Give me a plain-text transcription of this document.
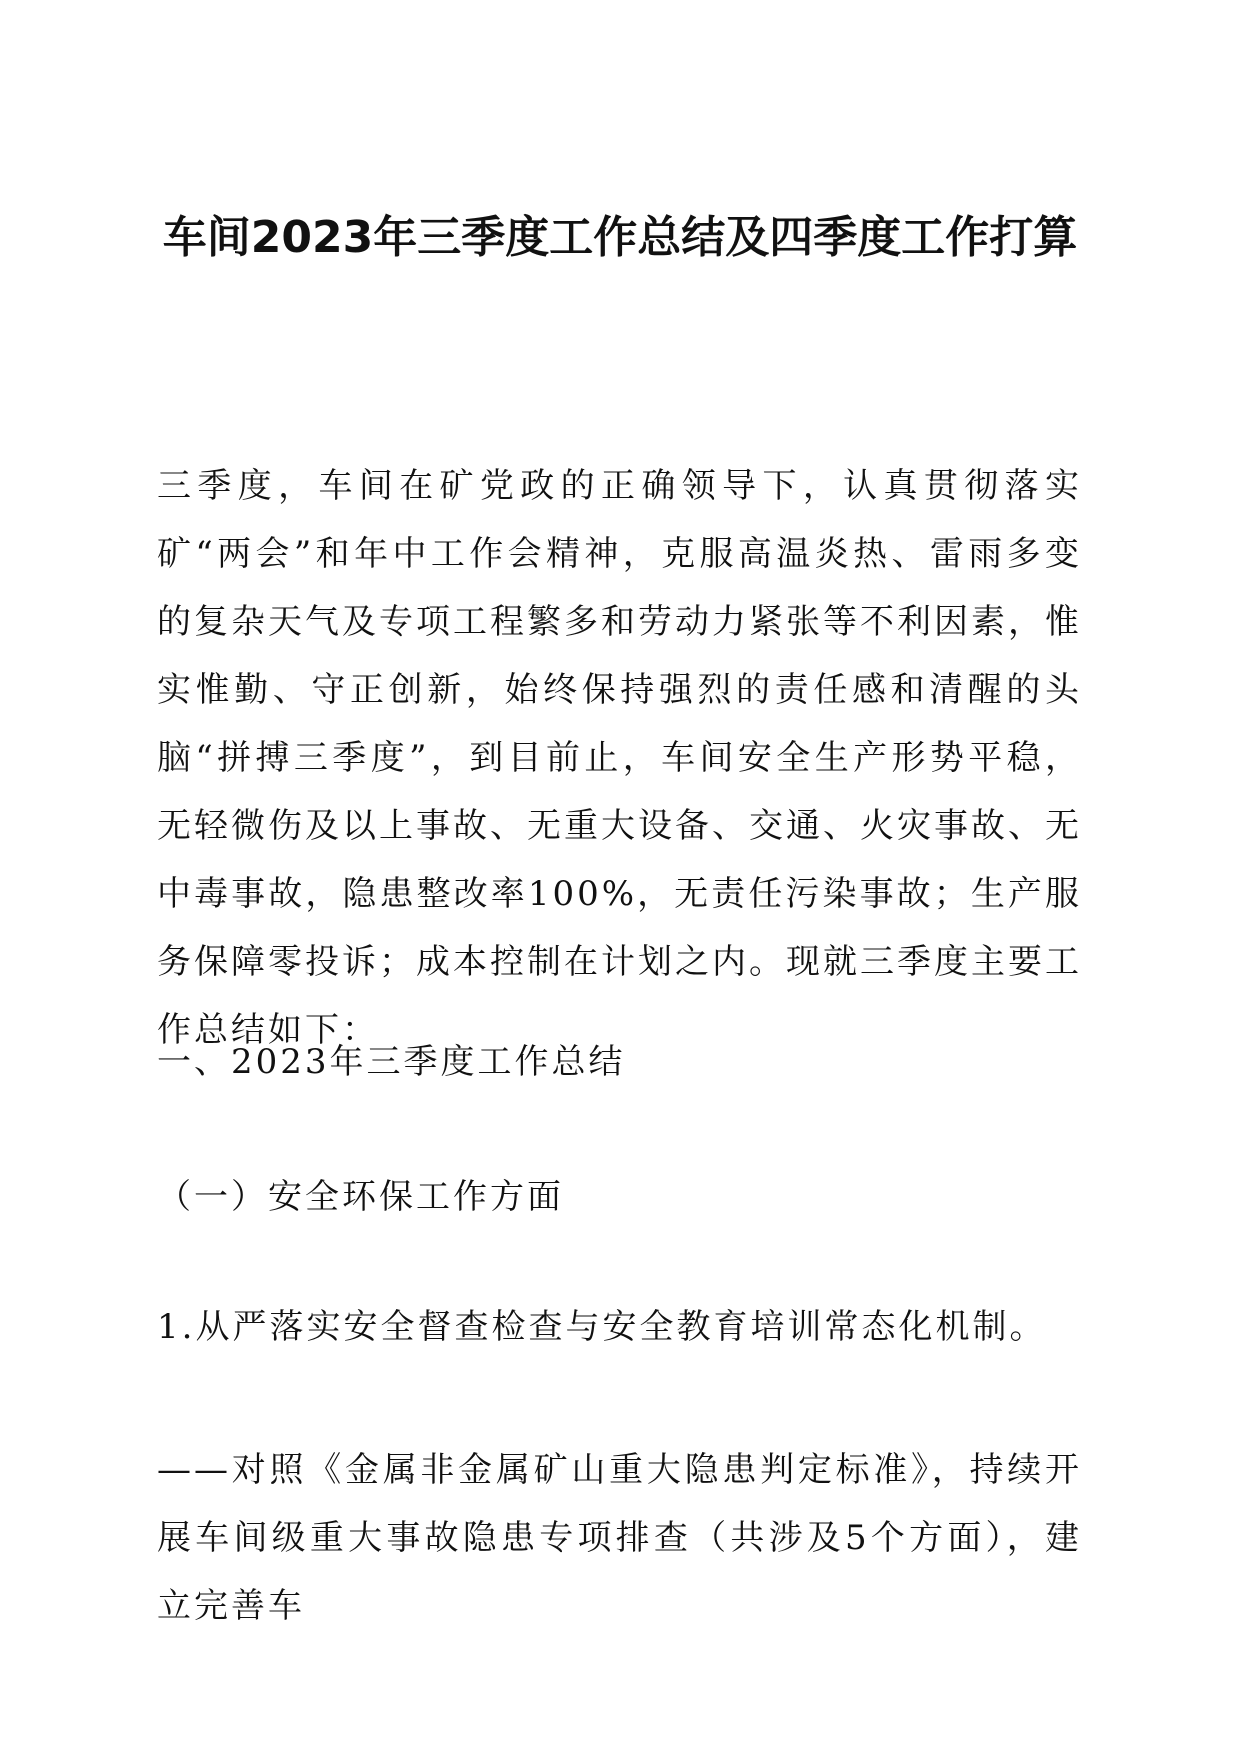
车间2023年三季度工作总结及四季度工作打算

三季度，车间在矿党政的正确领导下，认真贯彻落实矿“两会”和年中工作会精神，克服高温炎热、雷雨多变的复杂天气及专项工程繁多和劳动力紧张等不利因素，惟实惟勤、守正创新，始终保持强烈的责任感和清醒的头脑“拼搏三季度”，到目前止，车间安全生产形势平稳，无轻微伤及以上事故、无重大设备、交通、火灾事故、无中毒事故，隐患整改率100%，无责任污染事故；生产服务保障零投诉；成本控制在计划之内。现就三季度主要工作总结如下：

一、2023年三季度工作总结

（一）安全环保工作方面

1.从严落实安全督查检查与安全教育培训常态化机制。

——对照《金属非金属矿山重大隐患判定标准》，持续开展车间级重大事故隐患专项排查（共涉及5个方面），建立完善车
